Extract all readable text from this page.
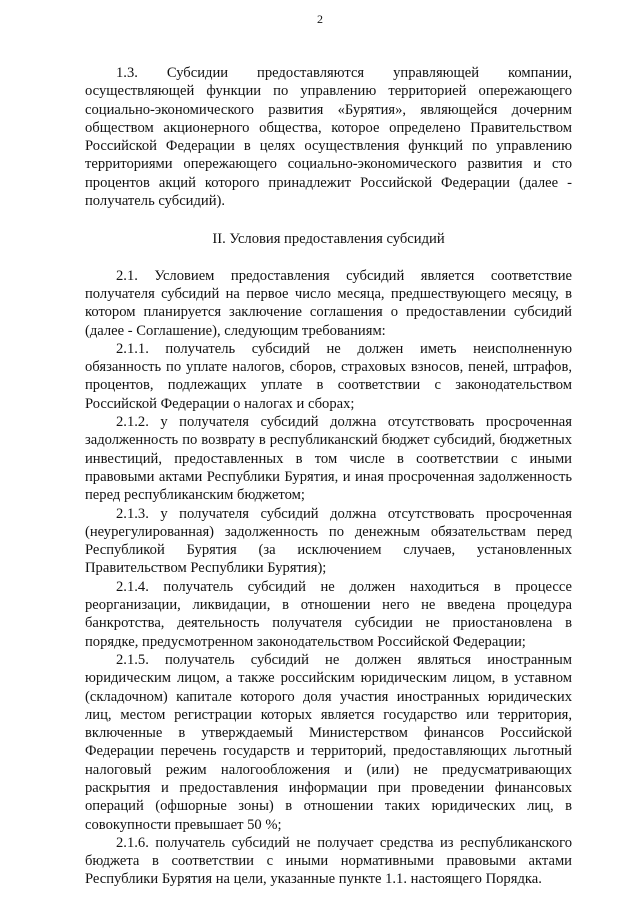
2

1.3. Субсидии предоставляются управляющей компании, осуществляющей функции по управлению территорией опережающего социально-экономического развития «Бурятия», являющейся дочерним обществом акционерного общества, которое определено Правительством Российской Федерации в целях осуществления функций по управлению территориями опережающего социально-экономического развития и сто процентов акций которого принадлежит Российской Федерации (далее - получатель субсидий).

II. Условия предоставления субсидий

2.1. Условием предоставления субсидий является соответствие получателя субсидий на первое число месяца, предшествующего месяцу, в котором планируется заключение соглашения о предоставлении субсидий (далее - Соглашение), следующим требованиям:

2.1.1. получатель субсидий не должен иметь неисполненную обязанность по уплате налогов, сборов, страховых взносов, пеней, штрафов, процентов, подлежащих уплате в соответствии с законодательством Российской Федерации о налогах и сборах;

2.1.2. у получателя субсидий должна отсутствовать просроченная задолженность по возврату в республиканский бюджет субсидий, бюджетных инвестиций, предоставленных в том числе в соответствии с иными правовыми актами Республики Бурятия, и иная просроченная задолженность перед республиканским бюджетом;

2.1.3. у получателя субсидий должна отсутствовать просроченная (неурегулированная) задолженность по денежным обязательствам перед Республикой Бурятия (за исключением случаев, установленных Правительством Республики Бурятия);

2.1.4. получатель субсидий не должен находиться в процессе реорганизации, ликвидации, в отношении него не введена процедура банкротства, деятельность получателя субсидии не приостановлена в порядке, предусмотренном законодательством Российской Федерации;

2.1.5. получатель субсидий не должен являться иностранным юридическим лицом, а также российским юридическим лицом, в уставном (складочном) капитале которого доля участия иностранных юридических лиц, местом регистрации которых является государство или территория, включенные в утверждаемый Министерством финансов Российской Федерации перечень государств и территорий, предоставляющих льготный налоговый режим налогообложения и (или) не предусматривающих раскрытия и предоставления информации при проведении финансовых операций (офшорные зоны) в отношении таких юридических лиц, в совокупности превышает 50 %;

2.1.6. получатель субсидий не получает средства из республиканского бюджета в соответствии с иными нормативными правовыми актами Республики Бурятия на цели, указанные пункте 1.1. настоящего Порядка.
